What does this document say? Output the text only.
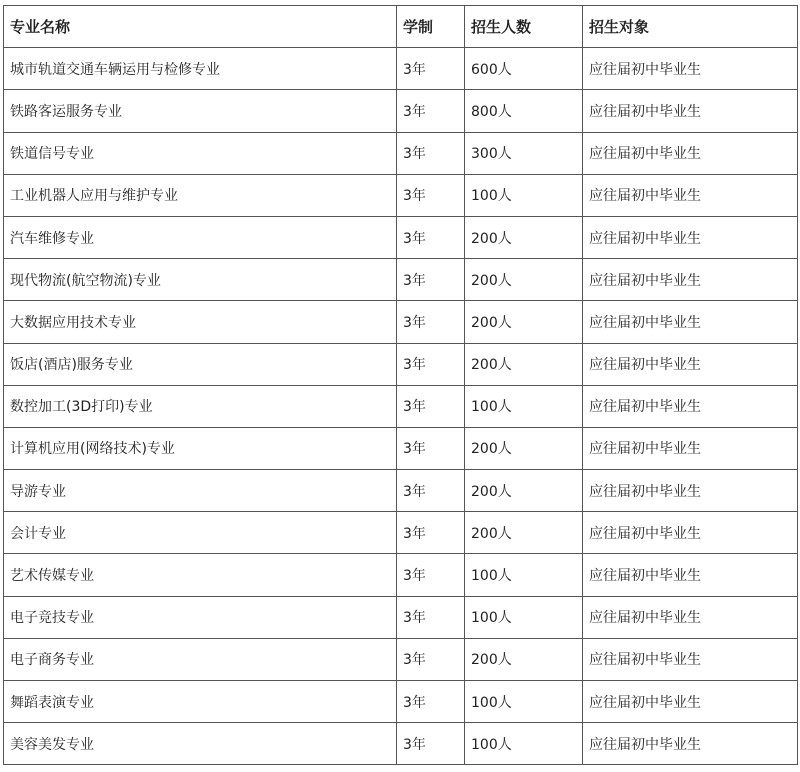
专业名称	学制	招生人数	招生对象
城市轨道交通车辆运用与检修专业	3年	600人	应往届初中毕业生
铁路客运服务专业	3年	800人	应往届初中毕业生
铁道信号专业	3年	300人	应往届初中毕业生
工业机器人应用与维护专业	3年	100人	应往届初中毕业生
汽车维修专业	3年	200人	应往届初中毕业生
现代物流(航空物流)专业	3年	200人	应往届初中毕业生
大数据应用技术专业	3年	200人	应往届初中毕业生
饭店(酒店)服务专业	3年	200人	应往届初中毕业生
数控加工(3D打印)专业	3年	100人	应往届初中毕业生
计算机应用(网络技术)专业	3年	200人	应往届初中毕业生
导游专业	3年	200人	应往届初中毕业生
会计专业	3年	200人	应往届初中毕业生
艺术传媒专业	3年	100人	应往届初中毕业生
电子竞技专业	3年	100人	应往届初中毕业生
电子商务专业	3年	200人	应往届初中毕业生
舞蹈表演专业	3年	100人	应往届初中毕业生
美容美发专业	3年	100人	应往届初中毕业生
